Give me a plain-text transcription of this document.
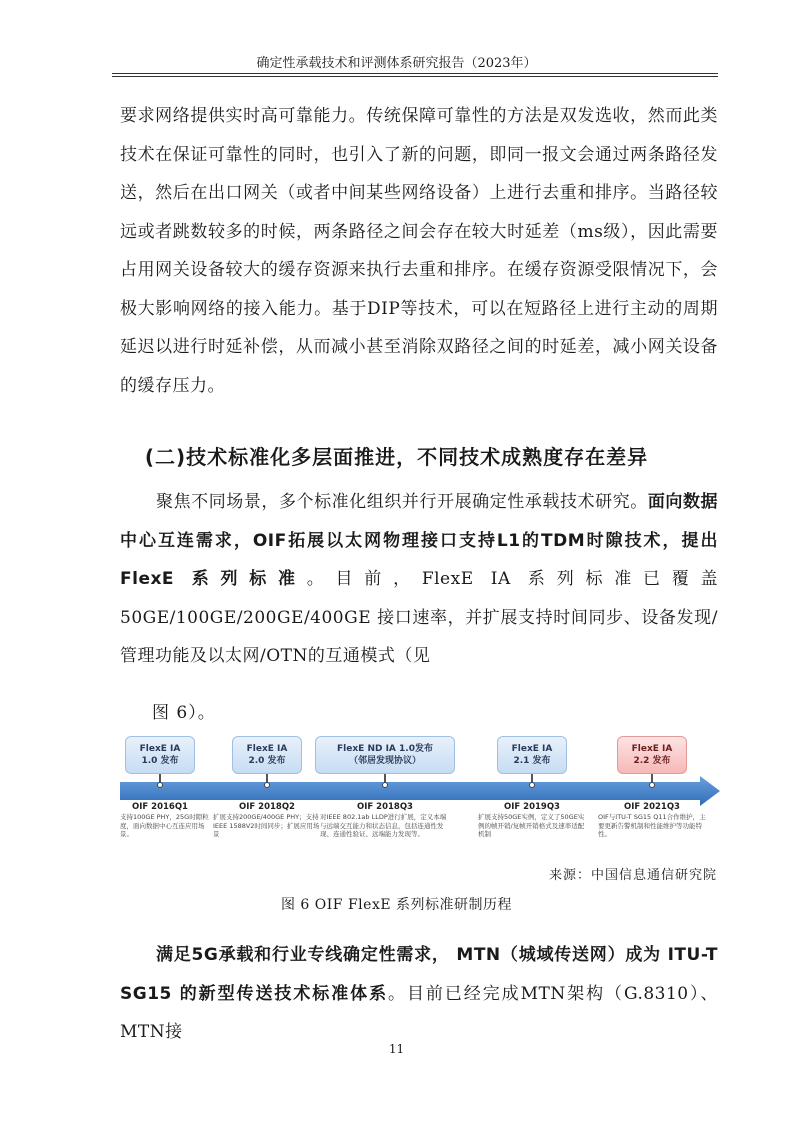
确定性承载技术和评测体系研究报告（2023年）

要求网络提供实时高可靠能力。传统保障可靠性的方法是双发选收，然而此类技术在保证可靠性的同时，也引入了新的问题，即同一报文会通过两条路径发送，然后在出口网关（或者中间某些网络设备）上进行去重和排序。当路径较远或者跳数较多的时候，两条路径之间会存在较大时延差（ms级），因此需要占用网关设备较大的缓存资源来执行去重和排序。在缓存资源受限情况下，会极大影响网络的接入能力。基于DIP等技术，可以在短路径上进行主动的周期延迟以进行时延补偿，从而减小甚至消除双路径之间的时延差，减小网关设备的缓存压力。

(二)技术标准化多层面推进，不同技术成熟度存在差异

聚焦不同场景，多个标准化组织并行开展确定性承载技术研究。面向数据中心互连需求，OIF拓展以太网物理接口支持L1的TDM时隙技术，提出 FlexE 系列标准。目前，FlexE IA 系列标准已覆盖50GE/100GE/200GE/400GE 接口速率，并扩展支持时间同步、设备发现/管理功能及以太网/OTN的互通模式（见

图 6）。
FlexE IA
1.0 发布
OIF 2016Q1
支持100GE PHY，25G时隙粒度，面向数据中心互连应用场景。
FlexE IA
2.0 发布
OIF 2018Q2
扩展支持200GE/400GE PHY；支持IEEE 1588V2时间同步；扩展应用场景
FlexE ND IA 1.0发布
（邻居发现协议）
OIF 2018Q3
对IEEE 802.1ab LLDP进行扩展，定义本端与远端交互能力和状态信息，包括连通性发现、连通性验证、远端能力发现等。
FlexE IA
2.1 发布
OIF 2019Q3
扩展支持50GE实例，定义了50GE实例的帧开销/复帧开销格式及速率适配机制
FlexE IA
2.2 发布
OIF 2021Q3
OIF与ITU-T SG15 Q11合作维护，主要更新告警机制和性能维护等功能特性。
来源：中国信息通信研究院
图 6 OIF FlexE 系列标准研制历程

满足5G承载和行业专线确定性需求， MTN（城域传送网）成为 ITU-T SG15 的新型传送技术标准体系。目前已经完成MTN架构（G.8310）、MTN接

11
